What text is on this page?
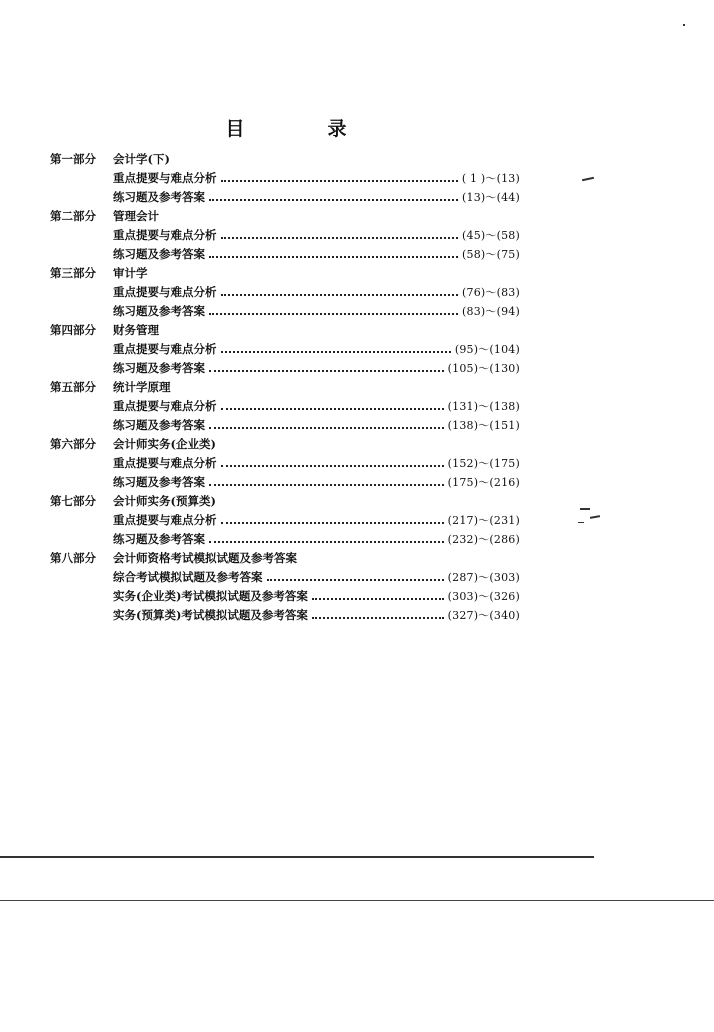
目　录
第一部分	会计学(下)
重点提要与难点分析	( 1 )～(13)
练习题及参考答案	(13)～(44)
第二部分	管理会计
重点提要与难点分析	(45)～(58)
练习题及参考答案	(58)～(75)
第三部分	审计学
重点提要与难点分析	(76)～(83)
练习题及参考答案	(83)～(94)
第四部分	财务管理
重点提要与难点分析	(95)～(104)
练习题及参考答案	(105)～(130)
第五部分	统计学原理
重点提要与难点分析	(131)～(138)
练习题及参考答案	(138)～(151)
第六部分	会计师实务(企业类)
重点提要与难点分析	(152)～(175)
练习题及参考答案	(175)～(216)
第七部分	会计师实务(预算类)
重点提要与难点分析	(217)～(231)
练习题及参考答案	(232)～(286)
第八部分	会计师资格考试模拟试题及参考答案
综合考试模拟试题及参考答案	(287)～(303)
实务(企业类)考试模拟试题及参考答案	(303)～(326)
实务(预算类)考试模拟试题及参考答案	(327)～(340)
